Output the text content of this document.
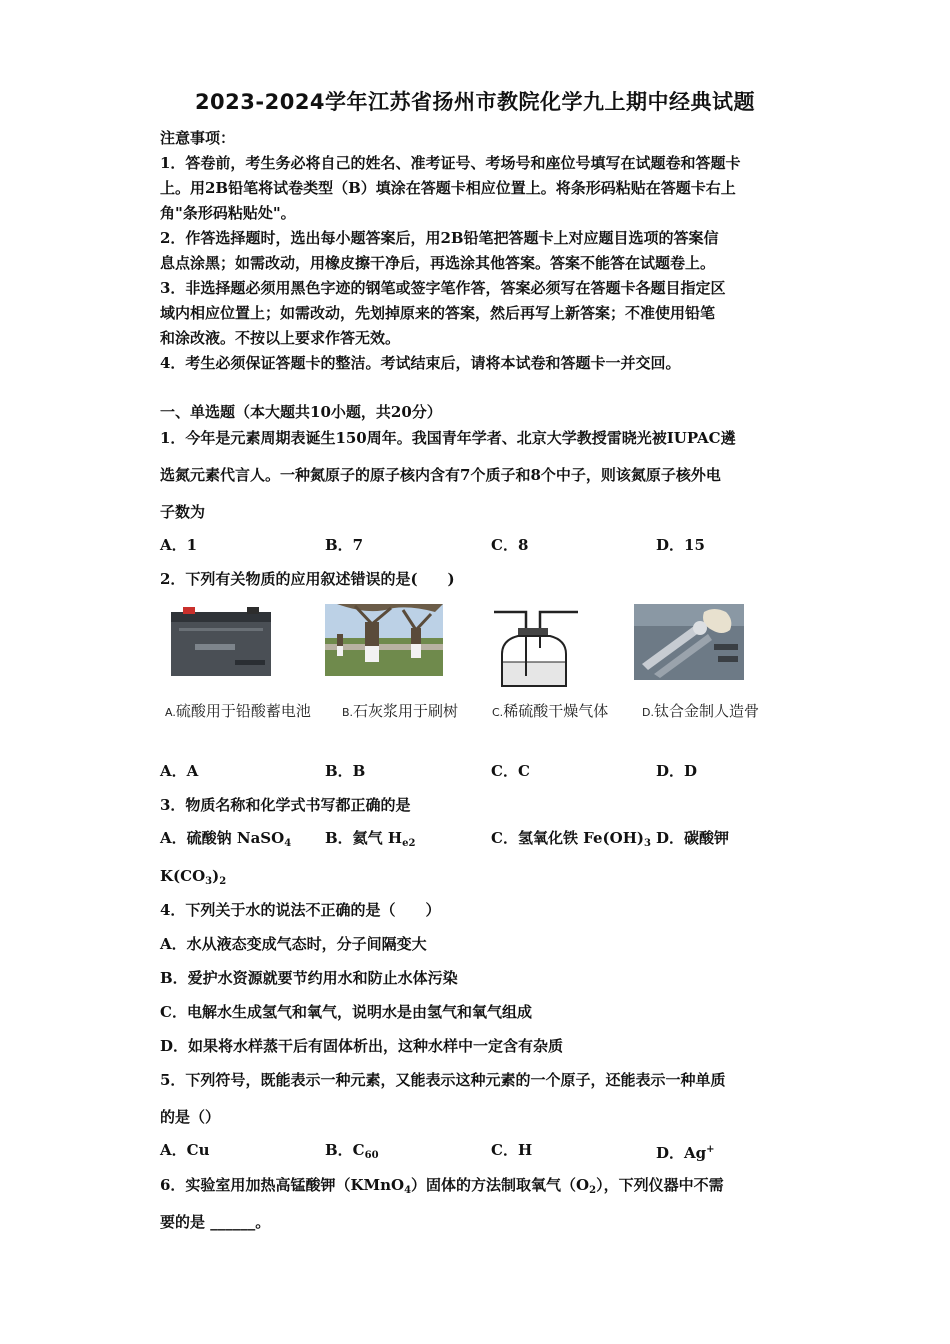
2023-2024学年江苏省扬州市教院化学九上期中经典试题
注意事项：
1．答卷前，考生务必将自己的姓名、准考证号、考场号和座位号填写在试题卷和答题卡
上。用2B铅笔将试卷类型（B）填涂在答题卡相应位置上。将条形码粘贴在答题卡右上
角"条形码粘贴处"。
2．作答选择题时，选出每小题答案后，用2B铅笔把答题卡上对应题目选项的答案信
息点涂黑；如需改动，用橡皮擦干净后，再选涂其他答案。答案不能答在试题卷上。
3．非选择题必须用黑色字迹的钢笔或签字笔作答，答案必须写在答题卡各题目指定区
域内相应位置上；如需改动，先划掉原来的答案，然后再写上新答案；不准使用铅笔
和涂改液。不按以上要求作答无效。
4．考生必须保证答题卡的整洁。考试结束后，请将本试卷和答题卡一并交回。
一、单选题（本大题共10小题，共20分）
1．今年是元素周期表诞生150周年。我国青年学者、北京大学教授雷晓光被IUPAC遴
选氮元素代言人。一种氮原子的原子核内含有7个质子和8个中子，则该氮原子核外电
子数为
A．1	B．7	C．8	D．15
2．下列有关物质的应用叙述错误的是(　　)
A.硫酸用于铅酸蓄电池	B.石灰浆用于刷树	C.稀硫酸干燥气体	D.钛合金制人造骨
A．A	B．B	C．C	D．D
3．物质名称和化学式书写都正确的是
A．硫酸钠 NaSO$_4$ B．氦气 $H_{e2}$	C．氢氧化铁 $Fe(OH)_3$ D．碳酸钾
$K(CO_3)_2$
4．下列关于水的说法不正确的是（　　）
A．水从液态变成气态时，分子间隔变大
B．爱护水资源就要节约用水和防止水体污染
C．电解水生成氢气和氧气，说明水是由氢气和氧气组成
D．如果将水样蒸干后有固体析出，这种水样中一定含有杂质
5．下列符号，既能表示一种元素，又能表示这种元素的一个原子，还能表示一种单质
的是（）
A．Cu	B．$C_{60}$	C．H	D．Ag+
6．实验室用加热高锰酸钾（KMnO$_4$）固体的方法制取氧气$(O_2)$，下列仪器中不需
要的是 ______。
